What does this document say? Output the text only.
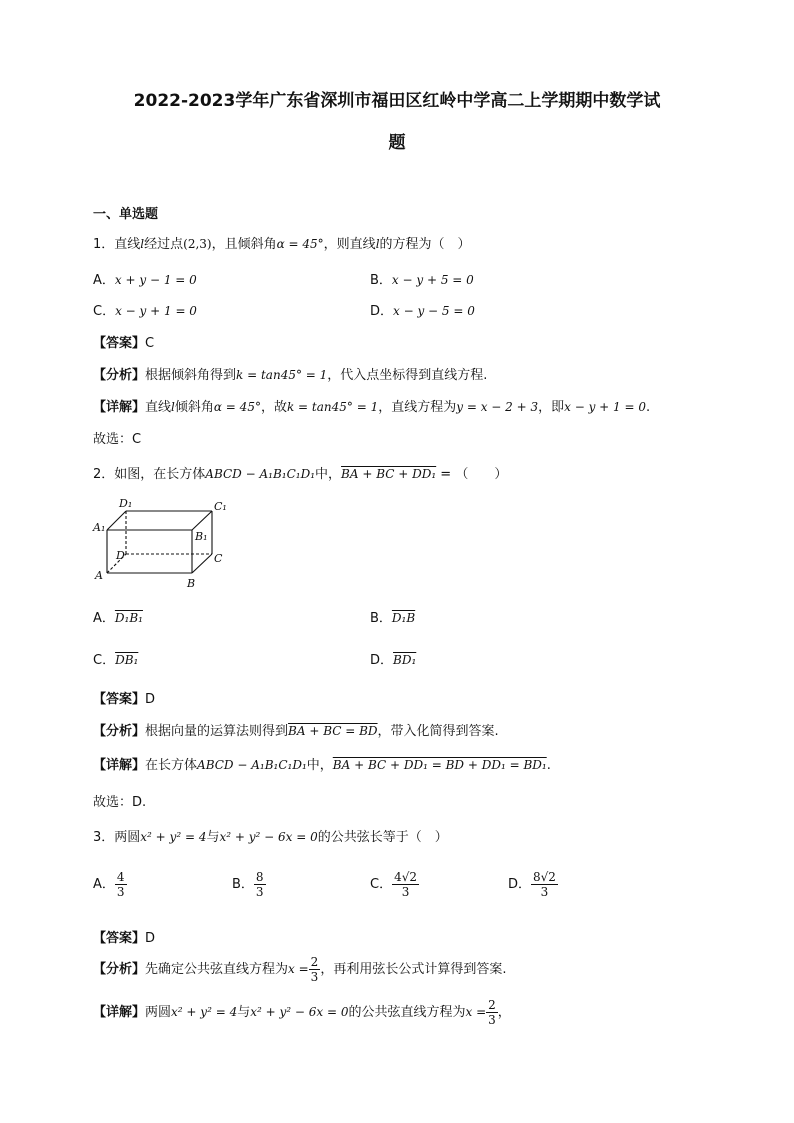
2022-2023学年广东省深圳市福田区红岭中学高二上学期期中数学试
题
一、单选题
1．直线l经过点(2,3)，且倾斜角α = 45°，则直线l的方程为（　）
A．x + y − 1 = 0	B．x − y + 5 = 0
C．x − y + 1 = 0	D．x − y − 5 = 0
【答案】C
【分析】根据倾斜角得到k = tan45° = 1，代入点坐标得到直线方程.
【详解】直线l倾斜角α = 45°，故k = tan45° = 1，直线方程为y = x − 2 + 3，即x − y + 1 = 0.
故选：C
2．如图，在长方体ABCD − A₁B₁C₁D₁中，BA + BC + DD₁ = （　　）
A₁
D₁	C₁
B₁
D	C
A
B
A．D₁B₁	B．D₁B
C．DB₁	D．BD₁
【答案】D
【分析】根据向量的运算法则得到BA + BC = BD，带入化简得到答案.
【详解】在长方体ABCD − A₁B₁C₁D₁中，BA + BC + DD₁ = BD + DD₁ = BD₁.
故选：D.
3．两圆x² + y² = 4与x² + y² − 6x = 0的公共弦长等于（　）
A． $\frac{4}{3}$	B． $\frac{8}{3}$	C． $\frac{4√2}{3}$	D． $\frac{8√2}{3}$
【答案】D
【分析】先确定公共弦直线方程为$x = \frac{2}{3}$ ，再利用弦长公式计算得到答案.
【详解】两圆x² + y² = 4与x² + y² − 6x = 0的公共弦直线方程为$x = \frac{2}{3}$ ，
